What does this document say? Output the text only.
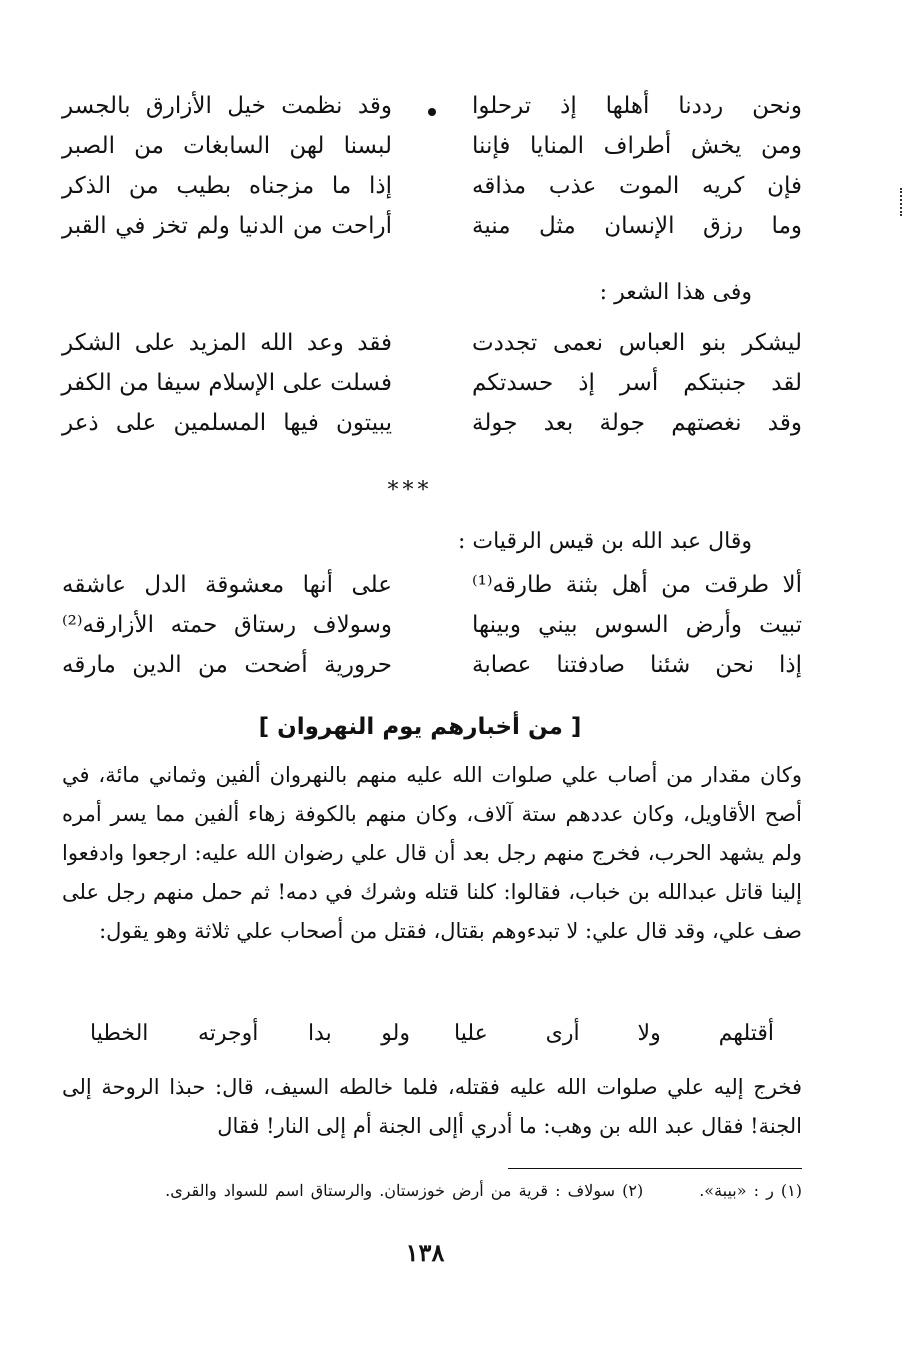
ونحن رددنا أهلها إذ ترحلوا
وقد نظمت خيل الأزارق بالجسر
ومن يخش أطراف المنايا فإننا
لبسنا لهن السابغات من الصبر
فإن كريه الموت عذب مذاقه
إذا ما مزجناه بطيب من الذكر
وما رزق الإنسان مثل منية
أراحت من الدنيا ولم تخز في القبر
وفى هذا الشعر :
ليشكر بنو العباس نعمى تجددت
فقد وعد الله المزيد على الشكر
لقد جنبتكم أسر إذ حسدتكم
فسلت على الإسلام سيفا من الكفر
وقد نغصتهم جولة بعد جولة
يبيتون فيها المسلمين على ذعر
***
وقال عبد الله بن قيس الرقيات :
ألا طرقت من أهل بثنة طارقه⁽¹⁾
على أنها معشوقة الدل عاشقه
تبيت وأرض السوس بيني وبينها
وسولاف رستاق حمته الأزارقه⁽²⁾
إذا نحن شئنا صادفتنا عصابة
حرورية أضحت من الدين مارقه
[ من أخبارهم يوم النهروان ]

وكان مقدار من أصاب علي صلوات الله عليه منهم بالنهروان ألفين وثماني مائة، في أصح الأقاويل، وكان عددهم ستة آلاف، وكان منهم بالكوفة زهاء ألفين مما يسر أمره ولم يشهد الحرب، فخرج منهم رجل بعد أن قال علي رضوان الله عليه: ارجعوا وادفعوا إلينا قاتل عبدالله بن خباب، فقالوا: كلنا قتله وشرك في دمه! ثم حمل منهم رجل على صف علي، وقد قال علي: لا تبدءوهم بقتال، فقتل من أصحاب علي ثلاثة وهو يقول:

أقتلهم ولا أرى عليا
ولو بدا أوجرته الخطيا

فخرج إليه علي صلوات الله عليه فقتله، فلما خالطه السيف، قال: حبذا الروحة إلى الجنة! فقال عبد الله بن وهب: ما أدري أإلى الجنة أم إلى النار! فقال

(١) ر : «بيبة».(٢) سولاف : قرية من أرض خوزستان. والرستاق اسم للسواد والقرى.
١٣٨
